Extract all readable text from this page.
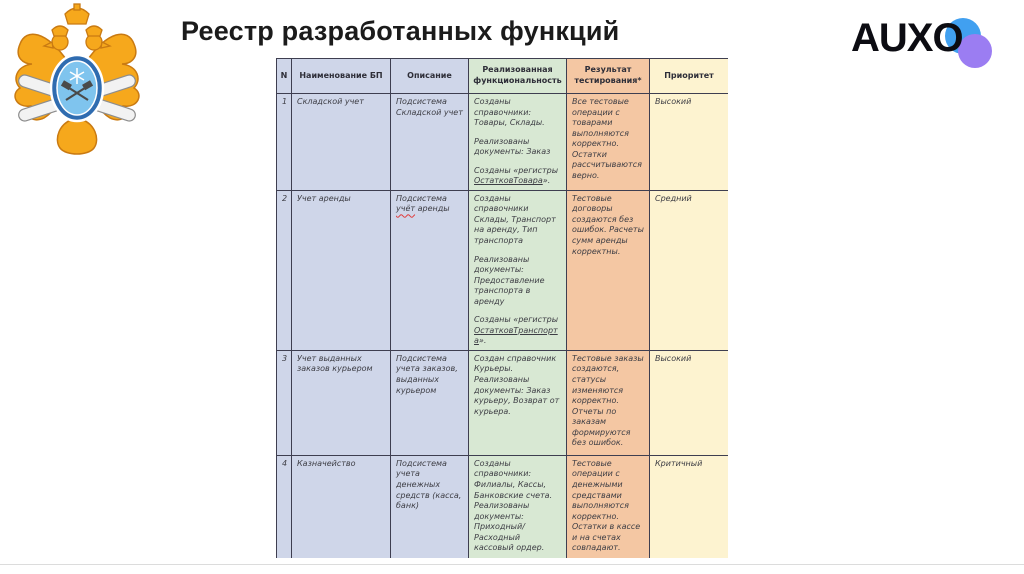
Реестр разработанных функций	AUXO
N	Наименование БП	Описание	Реализованная функциональность	Результат тестирования*	Приоритет
1	Складской учет	Подсистема Складской учет	Созданы справочники: Товары, Склады.
Реализованы документы: Заказ
Созданы «регистры ОстатковТовара».	Все тестовые операции с товарами выполняются корректно. Остатки рассчитываются верно.	Высокий
2	Учет аренды	Подсистема учёт аренды	Созданы справочники Склады, Транспорт на аренду, Тип транспорта
Реализованы документы: Предоставление транспорта в аренду
Созданы «регистры ОстатковТранспорта».	Тестовые договоры создаются без ошибок. Расчеты сумм аренды корректны.	Средний
3	Учет выданных заказов курьером	Подсистема учета заказов, выданных курьером	Создан справочник Курьеры. Реализованы документы: Заказ курьеру, Возврат от курьера.	Тестовые заказы создаются, статусы изменяются корректно. Отчеты по заказам формируются без ошибок.	Высокий
4	Казначейство	Подсистема учета денежных средств (касса, банк)	Созданы справочники: Филиалы, Кассы, Банковские счета. Реализованы документы: Приходный/Расходный кассовый ордер.	Тестовые операции с денежными средствами выполняются корректно. Остатки в кассе и на счетах совпадают.	Критичный
